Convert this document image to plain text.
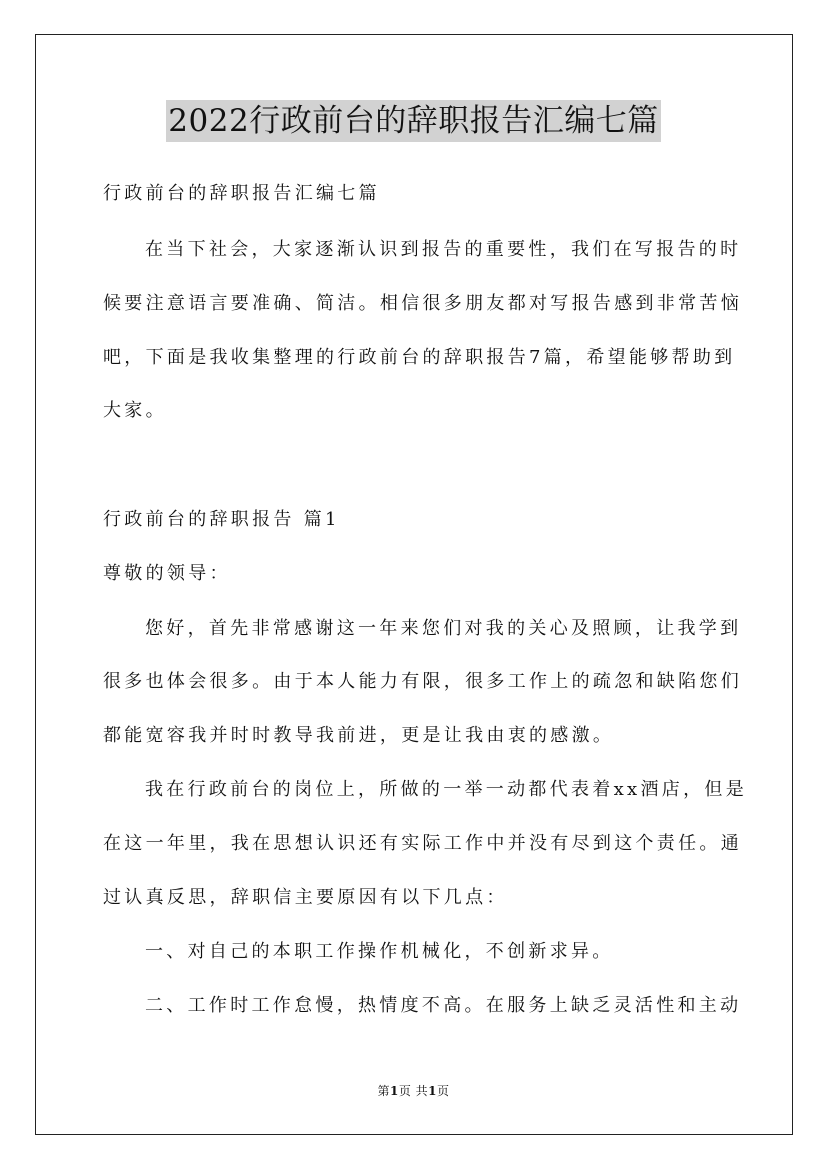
2022行政前台的辞职报告汇编七篇
行政前台的辞职报告汇编七篇
在当下社会，大家逐渐认识到报告的重要性，我们在写报告的时
候要注意语言要准确、简洁。相信很多朋友都对写报告感到非常苦恼
吧，下面是我收集整理的行政前台的辞职报告7篇，希望能够帮助到
大家。
行政前台的辞职报告 篇1
尊敬的领导：
您好，首先非常感谢这一年来您们对我的关心及照顾，让我学到
很多也体会很多。由于本人能力有限，很多工作上的疏忽和缺陷您们
都能宽容我并时时教导我前进，更是让我由衷的感激。
我在行政前台的岗位上，所做的一举一动都代表着xx酒店，但是
在这一年里，我在思想认识还有实际工作中并没有尽到这个责任。通
过认真反思，辞职信主要原因有以下几点：
一、对自己的本职工作操作机械化，不创新求异。
二、工作时工作怠慢，热情度不高。在服务上缺乏灵活性和主动
第1页 共1页
